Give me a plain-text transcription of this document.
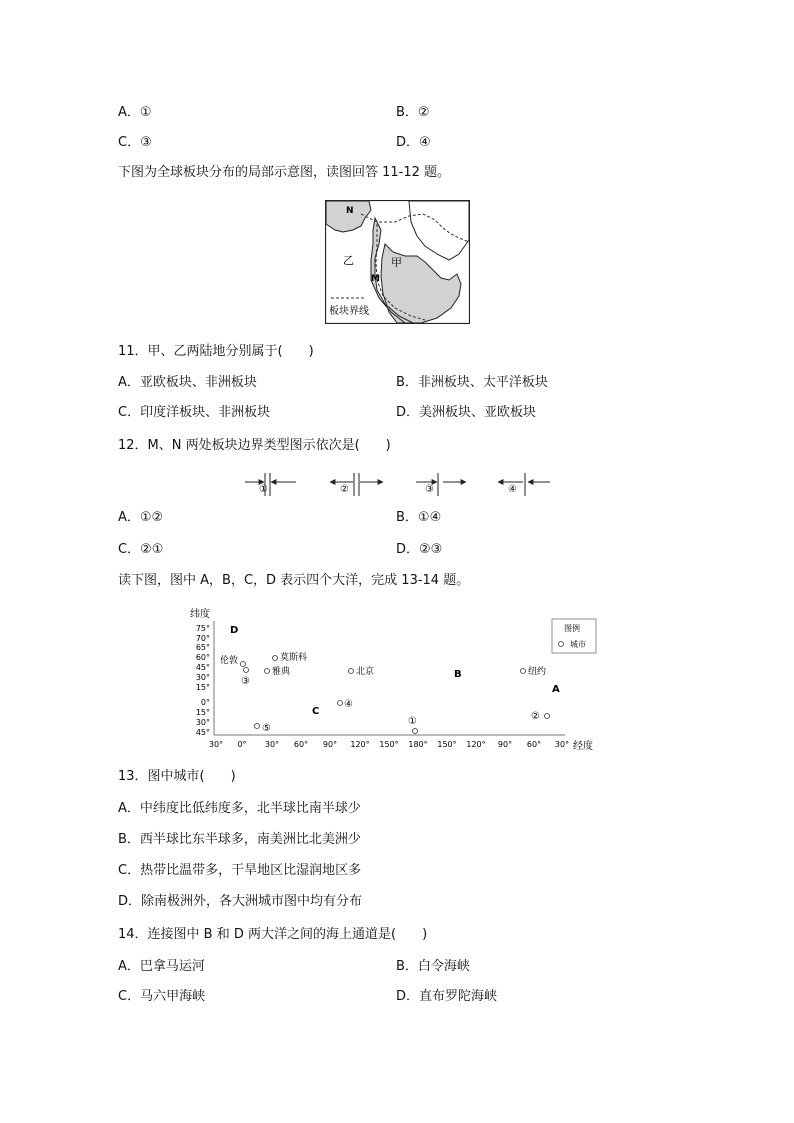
A．①	B．②
C．③	D．④
下图为全球板块分布的局部示意图，读图回答 11-12 题。
N
M
乙	甲
板块界线
11．甲、乙两陆地分别属于(　　)
A．亚欧板块、非洲板块	B．非洲板块、太平洋板块
C．印度洋板块、非洲板块	D．美洲板块、亚欧板块
12．M、N 两处板块边界类型图示依次是(　　)
①	②	③	④
A．①②	B．①④
C．②①	D．②③
读下图，图中 A，B，C，D 表示四个大洋，完成 13-14 题。
纬度
经度
75°
70°
65°
60°
45°
30°
15°
0°
15°
30°
45°
30° 0° 30° 60° 90° 120° 150° 180° 150° 120° 90° 60° 30°
D
B
A
C
伦敦	莫斯科
雅典	北京	纽约
③
④
①	②
⑤
图例
城市
13．图中城市(　　)
A．中纬度比低纬度多，北半球比南半球少
B．西半球比东半球多，南美洲比北美洲少
C．热带比温带多，干旱地区比湿润地区多
D．除南极洲外，各大洲城市图中均有分布
14．连接图中 B 和 D 两大洋之间的海上通道是(　　)
A．巴拿马运河	B．白令海峡
C．马六甲海峡	D．直布罗陀海峡
